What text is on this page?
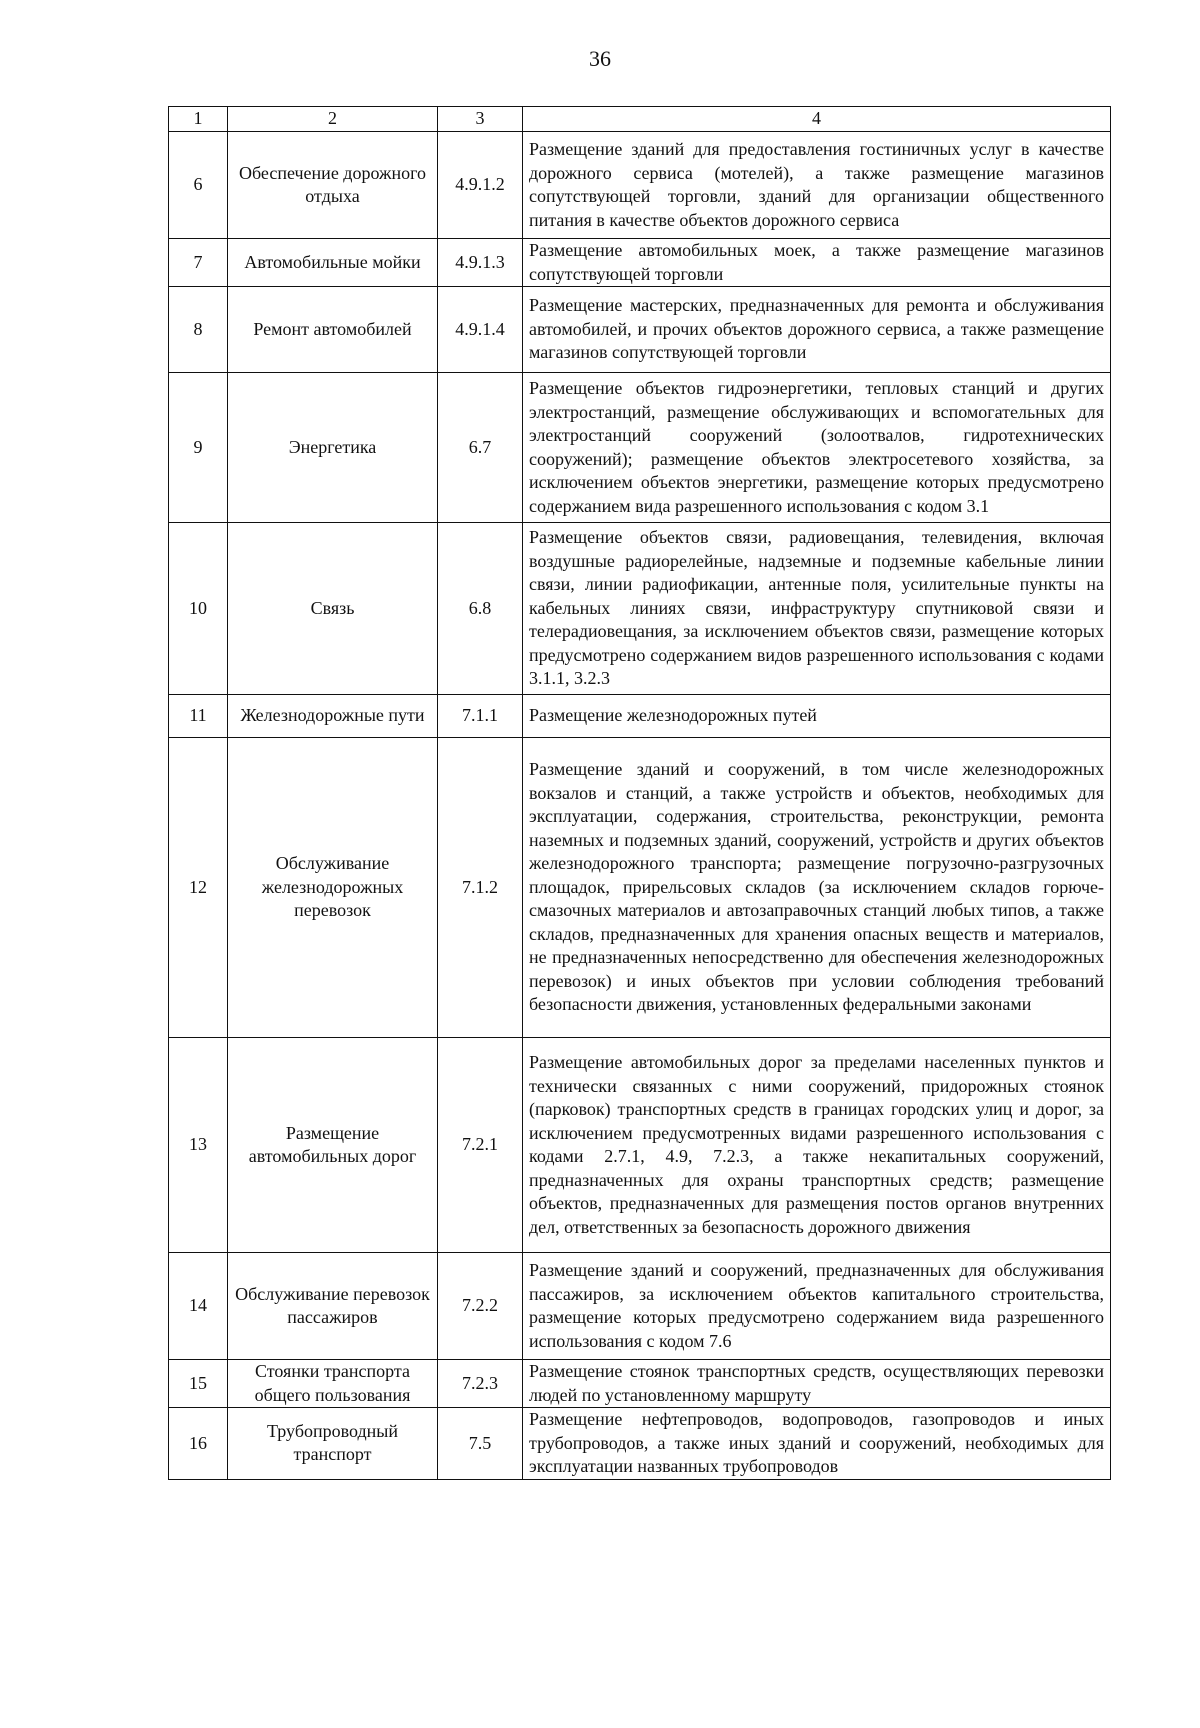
36
1	2	3	4
6	Обеспечение дорожного отдыха	4.9.1.2	Размещение зданий для предоставления гостиничных услуг в качестве дорожного сервиса (мотелей), а также размещение магазинов сопутствующей торговли, зданий для организации общественного питания в качестве объектов дорожного сервиса
7	Автомобильные мойки	4.9.1.3	Размещение автомобильных моек, а также размещение магазинов сопутствующей торговли
8	Ремонт автомобилей	4.9.1.4	Размещение мастерских, предназначенных для ремонта и обслуживания автомобилей, и прочих объектов дорожного сервиса, а также размещение магазинов сопутствующей торговли
9	Энергетика	6.7	Размещение объектов гидроэнергетики, тепловых станций и других электростанций, размещение обслуживающих и вспомогательных для электростанций сооружений (золоотвалов, гидротехнических сооружений); размещение объектов электросетевого хозяйства, за исключением объектов энергетики, размещение которых предусмотрено содержанием вида разрешенного использования с кодом 3.1
10	Связь	6.8	Размещение объектов связи, радиовещания, телевидения, включая воздушные радиорелейные, надземные и подземные кабельные линии связи, линии радиофикации, антенные поля, усилительные пункты на кабельных линиях связи, инфраструктуру спутниковой связи и телерадиовещания, за исключением объектов связи, размещение которых предусмотрено содержанием видов разрешенного использования с кодами 3.1.1, 3.2.3
11	Железнодорожные пути	7.1.1	Размещение железнодорожных путей
12	Обслуживание железнодорожных перевозок	7.1.2	Размещение зданий и сооружений, в том числе железнодорожных вокзалов и станций, а также устройств и объектов, необходимых для эксплуатации, содержания, строительства, реконструкции, ремонта наземных и подземных зданий, сооружений, устройств и других объектов железнодорожного транспорта; размещение погрузочно-разгрузочных площадок, прирельсовых складов (за исключением складов горюче-смазочных материалов и автозаправочных станций любых типов, а также складов, предназначенных для хранения опасных веществ и материалов, не предназначенных непосредственно для обеспечения железнодорожных перевозок) и иных объектов при условии соблюдения требований безопасности движения, установленных федеральными законами
13	Размещение автомобильных дорог	7.2.1	Размещение автомобильных дорог за пределами населенных пунктов и технически связанных с ними сооружений, придорожных стоянок (парковок) транспортных средств в границах городских улиц и дорог, за исключением предусмотренных видами разрешенного использования с кодами 2.7.1, 4.9, 7.2.3, а также некапитальных сооружений, предназначенных для охраны транспортных средств; размещение объектов, предназначенных для размещения постов органов внутренних дел, ответственных за безопасность дорожного движения
14	Обслуживание перевозок пассажиров	7.2.2	Размещение зданий и сооружений, предназначенных для обслуживания пассажиров, за исключением объектов капитального строительства, размещение которых предусмотрено содержанием вида разрешенного использования с кодом 7.6
15	Стоянки транспорта общего пользования	7.2.3	Размещение стоянок транспортных средств, осуществляющих перевозки людей по установленному маршруту
16	Трубопроводный транспорт	7.5	Размещение нефтепроводов, водопроводов, газопроводов и иных трубопроводов, а также иных зданий и сооружений, необходимых для эксплуатации названных трубопроводов
